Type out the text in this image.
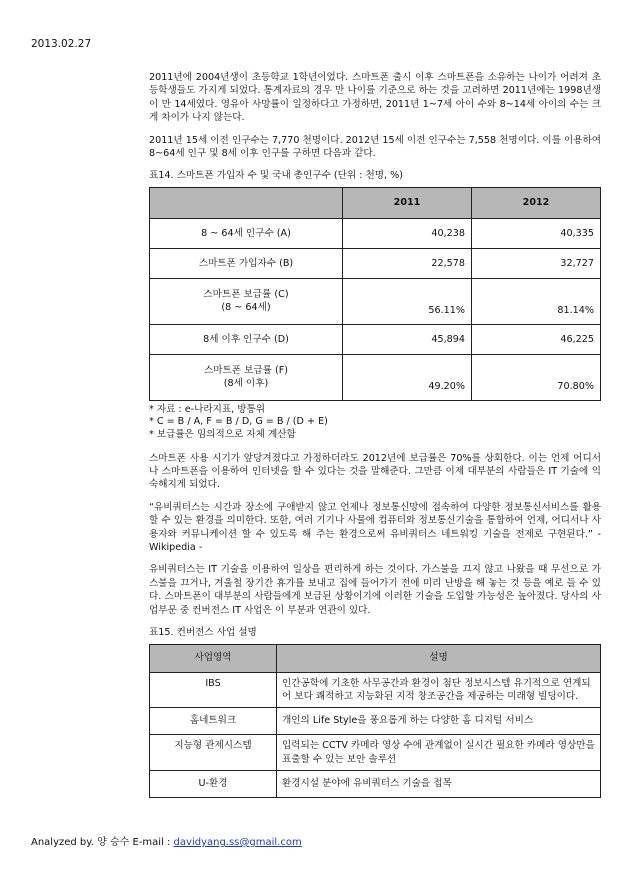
2013.02.27

2011년에 2004년생이 초등학교 1학년이었다. 스마트폰 출시 이후 스마트폰을 소유하는 나이가 어려져 초등학생들도 가지게 되었다. 통계자료의 경우 만 나이를 기준으로 하는 것을 고려하면 2011년에는 1998년생이 만 14세였다. 영유아 사망률이 일정하다고 가정하면, 2011년 1~7세 아이 수와 8~14세 아이의 수는 크게 차이가 나지 않는다.

2011년 15세 이전 인구수는 7,770 천명이다. 2012년 15세 이전 인구수는 7,558 천명이다. 이를 이용하여 8~64세 인구 및 8세 이후 인구를 구하면 다음과 같다.

표14. 스마트폰 가입자 수 및 국내 총인구수 (단위 : 천명, %)
	2011	2012

8 ~ 64세 인구수 (A)	40,238	40,335

스마트폰 가입자수 (B)	22,578	32,727

스마트폰 보급률 (C)
(8 ~ 64세)	56.11%	81.14%

8세 이후 인구수 (D)	45,894	46,225

스마트폰 보급률 (F)
(8세 이후)	49.20%	70.80%
* 자료 : e-나라지표, 방통위
* C = B / A, F = B / D, G = B / (D + E)
* 보급률은 임의적으로 자체 계산함

스마트폰 사용 시기가 앞당겨졌다고 가정하더라도 2012년에 보급률은 70%를 상회한다. 이는 언제 어디서나 스마트폰을 이용하여 인터넷을 할 수 있다는 것을 말해준다. 그만큼 이제 대부분의 사람들은 IT 기술에 익숙해지게 되었다.

“유비쿼터스는 시간과 장소에 구애받지 않고 언제나 정보통신망에 접속하여 다양한 정보통신서비스를 활용할 수 있는 환경을 의미한다. 또한, 여러 기기나 사물에 컴퓨터와 정보통신기술을 통합하여 언제, 어디서나 사용자와 커뮤니케이션 할 수 있도록 해 주는 환경으로써 유비쿼터스 네트워킹 기술을 전제로 구현된다.” - Wikipedia -

유비쿼터스는 IT 기술을 이용하여 일상을 편리하게 하는 것이다. 가스불을 끄지 않고 나왔을 때 무선으로 가스불을 끄거나, 겨울철 장기간 휴가를 보내고 집에 들어가기 전에 미리 난방을 해 놓는 것 등을 예로 들 수 있다. 스마트폰이 대부분의 사람들에게 보급된 상황이기에 이러한 기술을 도입할 가능성은 높아졌다. 당사의 사업부문 중 컨버전스 IT 사업은 이 부분과 연관이 있다.

표15. 컨버전스 사업 설명
사업영역	설명
IBS	인간공학에 기초한 사무공간과 환경이 첨단 정보시스템 유기적으로 연계되어 보다 쾌적하고 지능화된 지적 창조공간을 제공하는 미래형 빌딩이다.
홈네트워크	개인의 Life Style을 풍요롭게 하는 다양한 홈 디지털 서비스
지능형 관제시스템	입력되는 CCTV 카메라 영상 수에 관계없이 실시간 필요한 카메라 영상만을 표출할 수 있는 보안 솔루션
U-환경	환경시설 분야에 유비쿼터스 기술을 접목
Analyzed by. 양 승수 E-mail : davidyang.ss@gmail.com
